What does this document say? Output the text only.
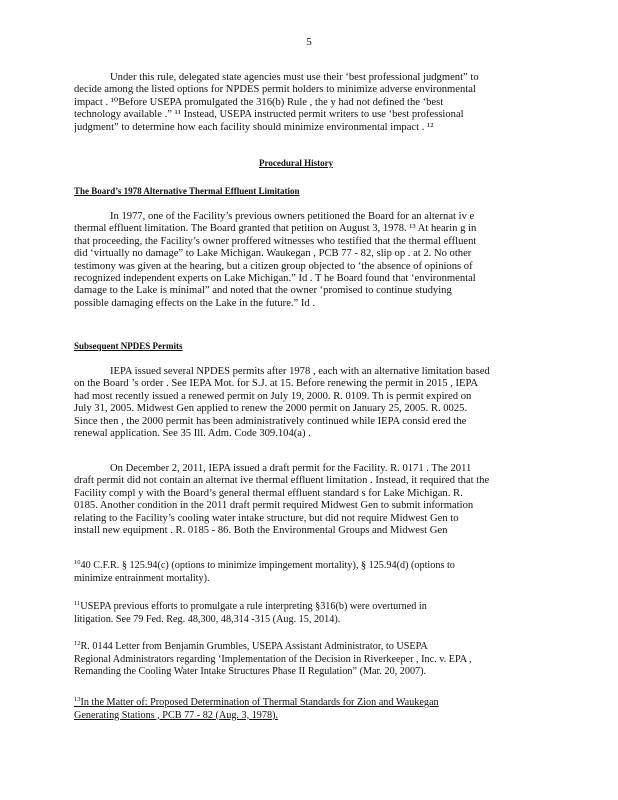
5
Under this rule, delegated state agencies must use their ‘best professional judgment” to
decide among the listed options for NPDES permit holders to minimize adverse environmental
impact . ¹⁰Before USEPA promulgated the 316(b) Rule , the y had not defined the ‘best
technology available .” ¹¹ Instead, USEPA instructed permit writers to use ‘best professional
judgment” to determine how each facility should minimize environmental impact . ¹²
Procedural History
The Board’s 1978 Alternative Thermal Effluent Limitation
In 1977, one of the Facility’s previous owners petitioned the Board for an alternat iv e
thermal effluent limitation. The Board granted that petition on August 3, 1978. ¹³ At hearin g in
that proceeding, the Facility’s owner proffered witnesses who testified that the thermal effluent
did ‘virtually no damage” to Lake Michigan. Waukegan , PCB 77 - 82, slip op . at 2. No other
testimony was given at the hearing, but a citizen group objected to ‘the absence of opinions of
recognized independent experts on Lake Michigan.” Id . T he Board found that ‘environmental
damage to the Lake is minimal” and noted that the owner ‘promised to continue studying
possible damaging effects on the Lake in the future.” Id .
Subsequent NPDES Permits
IEPA issued several NPDES permits after 1978 , each with an alternative limitation based
on the Board ’s order . See IEPA Mot. for S.J. at 15. Before renewing the permit in 2015 , IEPA
had most recently issued a renewed permit on July 19, 2000. R. 0109. Th is permit expired on
July 31, 2005. Midwest Gen applied to renew the 2000 permit on January 25, 2005. R. 0025.
Since then , the 2000 permit has been administratively continued while IEPA consid ered the
renewal application. See 35 Ill. Adm. Code 309.104(a) .
On December 2, 2011, IEPA issued a draft permit for the Facility. R. 0171 . The 2011
draft permit did not contain an alternat ive thermal effluent limitation . Instead, it required that the
Facility compl y with the Board’s general thermal effluent standard s for Lake Michigan. R.
0185. Another condition in the 2011 draft permit required Midwest Gen to submit information
relating to the Facility’s cooling water intake structure, but did not require Midwest Gen to
install new equipment . R. 0185 - 86. Both the Environmental Groups and Midwest Gen
$^{10}$40 C.F.R. § 125.94(c) (options to minimize impingement mortality), § 125.94(d) (options to
minimize entrainment mortality).
$^{11}$USEPA previous efforts to promulgate a rule interpreting §316(b) were overturned in
litigation. See 79 Fed. Reg. 48,300, 48,314 -315 (Aug. 15, 2014).
$^{12}$R. 0144 Letter from Benjamin Grumbles, USEPA Assistant Administrator, to USEPA
Regional Administrators regarding ‘Implementation of the Decision in Riverkeeper , Inc. v. EPA ,
Remanding the Cooling Water Intake Structures Phase II Regulation” (Mar. 20, 2007).
$^{13}$In the Matter of: Proposed Determination of Thermal Standards for Zion and Waukegan
Generating Stations , PCB 77 - 82 (Aug. 3, 1978).
